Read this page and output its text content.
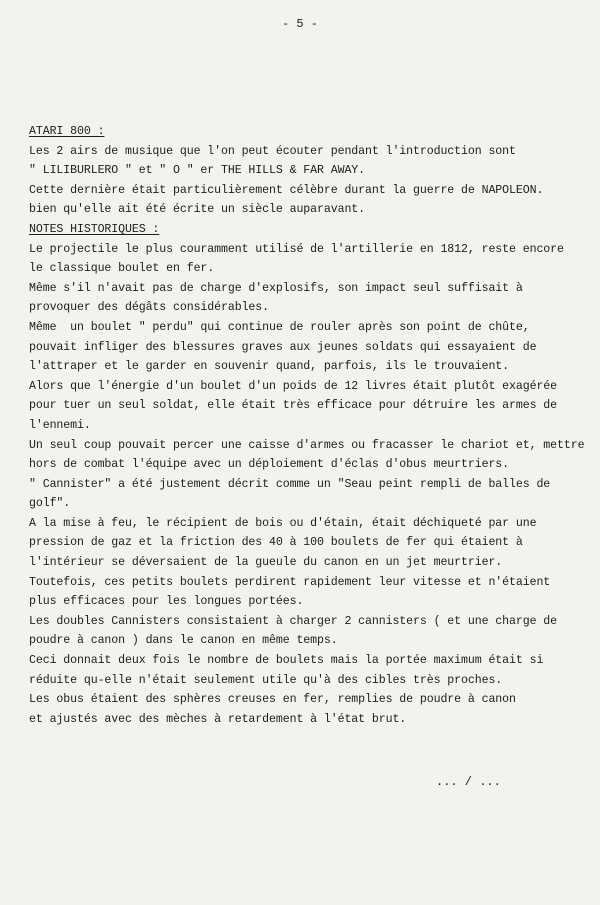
- 5 -
ATARI 800 :
Les 2 airs de musique que l'on peut écouter pendant l'introduction sont
" LILIBURLERO " et " O " er THE HILLS & FAR AWAY.
Cette dernière était particulièrement célèbre durant la guerre de NAPOLEON.
bien qu'elle ait été écrite un siècle auparavant.
NOTES HISTORIQUES :
Le projectile le plus couramment utilisé de l'artillerie en 1812, reste encore
le classique boulet en fer.
Même s'il n'avait pas de charge d'explosifs, son impact seul suffisait à
provoquer des dégâts considérables.
Même  un boulet " perdu" qui continue de rouler après son point de chûte,
pouvait infliger des blessures graves aux jeunes soldats qui essayaient de
l'attraper et le garder en souvenir quand, parfois, ils le trouvaient.
Alors que l'énergie d'un boulet d'un poids de 12 livres était plutôt exagérée
pour tuer un seul soldat, elle était très efficace pour détruire les armes de
l'ennemi.
Un seul coup pouvait percer une caisse d'armes ou fracasser le chariot et, mettre
hors de combat l'équipe avec un déploiement d'éclas d'obus meurtriers.
" Cannister" a été justement décrit comme un "Seau peint rempli de balles de
golf".
A la mise à feu, le récipient de bois ou d'étain, était déchiqueté par une
pression de gaz et la friction des 40 à 100 boulets de fer qui étaient à
l'intérieur se déversaient de la gueule du canon en un jet meurtrier.
Toutefois, ces petits boulets perdirent rapidement leur vitesse et n'étaient
plus efficaces pour les longues portées.
Les doubles Cannisters consistaient à charger 2 cannisters ( et une charge de
poudre à canon ) dans le canon en même temps.
Ceci donnait deux fois le nombre de boulets mais la portée maximum était si
réduite qu-elle n'était seulement utile qu'à des cibles très proches.
Les obus étaient des sphères creuses en fer, remplies de poudre à canon
et ajustés avec des mèches à retardement à l'état brut.
... / ...
